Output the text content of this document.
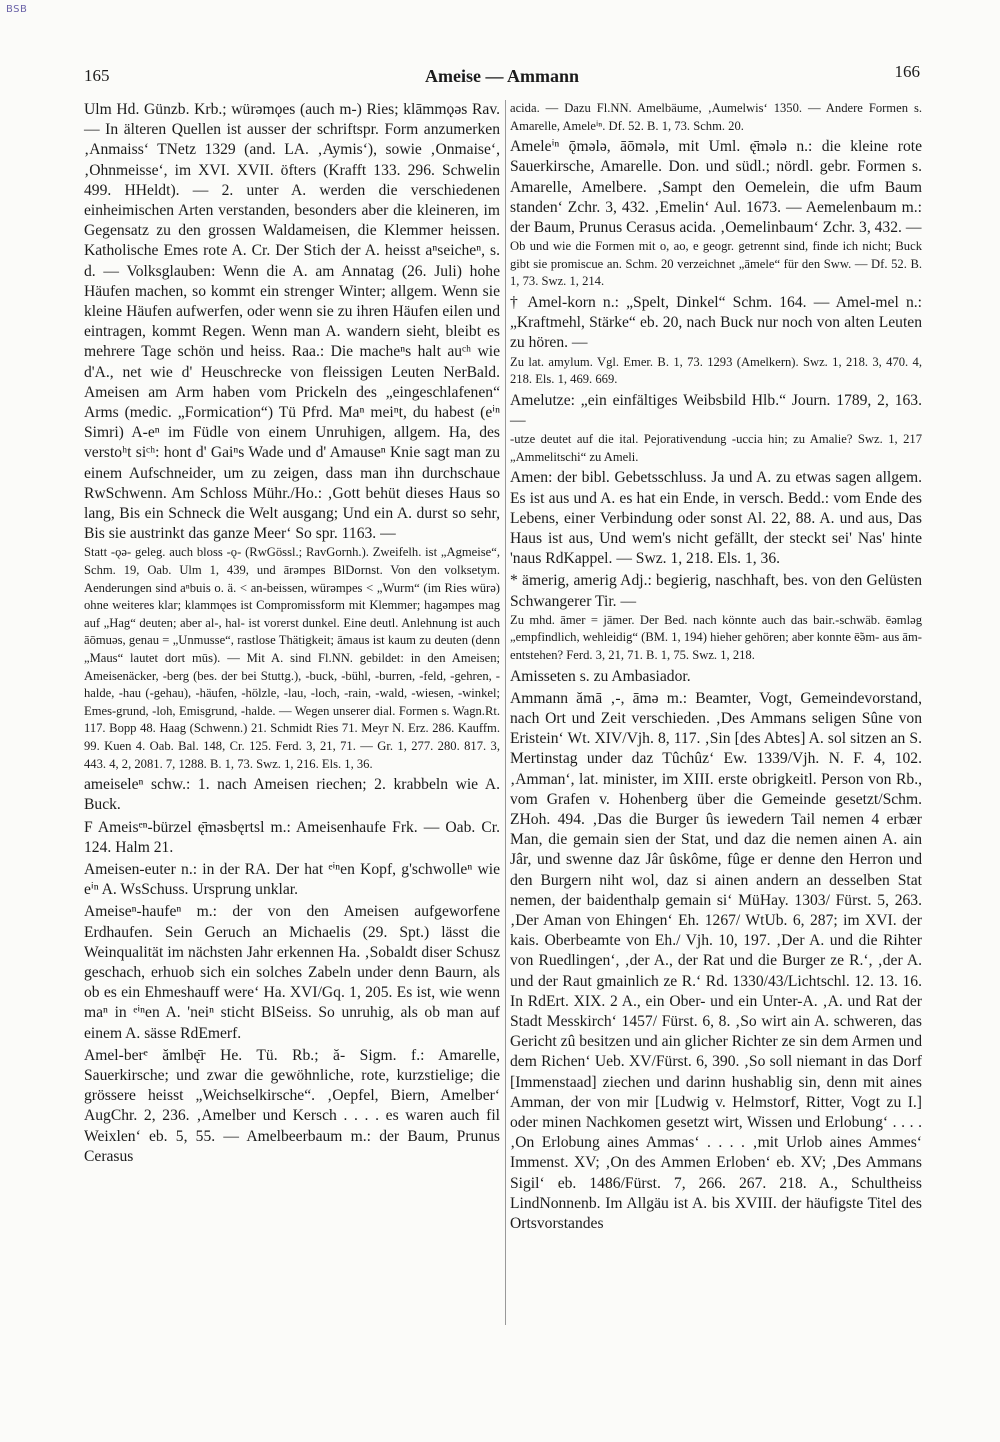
BSB
165	Ameise — Ammann	166

Ulm Hd. Günzb. Krb.; würəmǫes (auch m-) Ries; klāmmǫəs Rav. — In älteren Quellen ist ausser der schriftspr. Form anzumerken ‚Anmaiss‘ TNetz 1329 (and. LA. ‚Aymis‘), sowie ‚Onmaise‘, ‚Ohnmeisse‘, im XVI. XVII. öfters (Krafft 133. 296. Schwelin 499. HHeldt). — 2. unter A. werden die verschiedenen einheimischen Arten verstanden, besonders aber die kleineren, im Gegensatz zu den grossen Waldameisen, die Klemmer heissen. Katholische Emes rote A. Cr. Der Stich der A. heisst aⁿseicheⁿ, s. d. — Volksglauben: Wenn die A. am Annatag (26. Juli) hohe Häufen machen, so kommt ein strenger Winter; allgem. Wenn sie kleine Häufen aufwerfen, oder wenn sie zu ihren Häufen eilen und eintragen, kommt Regen. Wenn man A. wandern sieht, bleibt es mehrere Tage schön und heiss. Raa.: Die macheⁿs halt auᶜʰ wie d'A., net wie d' Heuschrecke von fleissigen Leuten NerBald. Ameisen am Arm haben vom Prickeln des „eingeschlafenen“ Arms (medic. „Formication“) Tü Pfrd. Maⁿ meiⁿt, du habest (eⁱⁿ Simri) A-eⁿ im Füdle von einem Unruhigen, allgem. Ha, des verstoʰt siᶜʰ: hont d' Gaiⁿs Wade und d' Amauseⁿ Knie sagt man zu einem Aufschneider, um zu zeigen, dass man ihn durchschaue RwSchwenn. Am Schloss Mühr./Ho.: ‚Gott behüt dieses Haus so lang, Bis ein Schneck die Welt ausgang; Und ein A. durst so sehr, Bis sie austrinkt das ganze Meer‘ So spr. 1163. —

Statt -ǫə- geleg. auch bloss -ǫ- (RwGössl.; RavGornh.). Zweifelh. ist „Agmeise“, Schm. 19, Oab. Ulm 1, 439, und ārəmpes BlDornst. Von den volksetym. Aenderungen sind aⁿbuis o. ä. < an-beissen, würəmpes < „Wurm“ (im Ries würə) ohne weiteres klar; klammǫes ist Compromissform mit Klemmer; hagəmpes mag auf „Hag“ deuten; aber al-, hal- ist vorerst dunkel. Eine deutl. Anlehnung ist auch āōmuəs, genau = „Unmusse“, rastlose Thätigkeit; āmaus ist kaum zu deuten (denn „Maus“ lautet dort mūs). — Mit A. sind Fl.NN. gebildet: in den Ameisen; Ameisenäcker, -berg (bes. der bei Stuttg.), -buck, -bühl, -burren, -feld, -gehren, -halde, -hau (-gehau), -häufen, -hölzle, -lau, -loch, -rain, -wald, -wiesen, -winkel; Emes-grund, -loh, Emisgrund, -halde. — Wegen unserer dial. Formen s. Wagn.Rt. 117. Bopp 48. Haag (Schwenn.) 21. Schmidt Ries 71. Meyr N. Erz. 286. Kauffm. 99. Kuen 4. Oab. Bal. 148, Cr. 125. Ferd. 3, 21, 71. — Gr. 1, 277. 280. 817. 3, 443. 4, 2, 2081. 7, 1288. B. 1, 73. Swz. 1, 216. Els. 1, 36.

ameiseleⁿ schw.: 1. nach Ameisen riechen; 2. krabbeln wie A. Buck.

F Ameisᵉⁿ-bürzel ę̄məsbęrtsl m.: Ameisenhaufe Frk. — Oab. Cr. 124. Halm 21.

Ameisen-euter n.: in der RA. Der hat ᵉⁱⁿen Kopf, g'schwolleⁿ wie eⁱⁿ A. WsSchuss. Ursprung unklar.

Ameiseⁿ-haufeⁿ m.: der von den Ameisen aufgeworfene Erdhaufen. Sein Geruch an Michaelis (29. Spt.) lässt die Weinqualität im nächsten Jahr erkennen Ha. ‚Sobaldt diser Schusz geschach, erhuob sich ein solches Zabeln under denn Baurn, als ob es ein Ehmeshauff were‘ Ha. XVI/Gq. 1, 205. Es ist, wie wenn maⁿ in ᵉⁱⁿen A. 'neiⁿ sticht BlSeiss. So unruhig, als ob man auf einem A. sässe RdEmerf.

Amel-berᵉ ămlbę̄r He. Tü. Rb.; ă- Sigm. f.: Amarelle, Sauerkirsche; und zwar die gewöhnliche, rote, kurzstielige; die grössere heisst „Weichselkirsche“. ‚Oepfel, Biern, Amelber‘ AugChr. 2, 236. ‚Amelber und Kersch . . . . es waren auch fil Weixlen‘ eb. 5, 55. — Amelbeerbaum m.: der Baum, Prunus Cerasus

acida. — Dazu Fl.NN. Amelbäume, ‚Aumelwis‘ 1350. — Andere Formen s. Amarelle, Ameleⁱⁿ. Df. 52. B. 1, 73. Schm. 20.

Ameleⁱⁿ ǭmələ, āōmələ, mit Uml. ę̄mələ n.: die kleine rote Sauerkirsche, Amarelle. Don. und südl.; nördl. gebr. Formen s. Amarelle, Amelbere. ‚Sampt den Oemelein, die ufm Baum standen‘ Zchr. 3, 432. ‚Emelin‘ Aul. 1673. — Aemelenbaum m.: der Baum, Prunus Cerasus acida. ‚Oemelinbaum‘ Zchr. 3, 432. —

Ob und wie die Formen mit o, ao, e geogr. getrennt sind, finde ich nicht; Buck gibt sie promiscue an. Schm. 20 verzeichnet „āmele“ für den Sww. — Df. 52. B. 1, 73. Swz. 1, 214.

† Amel-korn n.: „Spelt, Dinkel“ Schm. 164. — Amel-mel n.: „Kraftmehl, Stärke“ eb. 20, nach Buck nur noch von alten Leuten zu hören. —

Zu lat. amylum. Vgl. Emer. B. 1, 73. 1293 (Amelkern). Swz. 1, 218. 3, 470. 4, 218. Els. 1, 469. 669.

Amelutze: „ein einfältiges Weibsbild Hlb.“ Journ. 1789, 2, 163. —

-utze deutet auf die ital. Pejorativendung -uccia hin; zu Amalie? Swz. 1, 217 „Ammelitschi“ zu Ameli.

Amen: der bibl. Gebetsschluss. Ja und A. zu etwas sagen allgem. Es ist aus und A. es hat ein Ende, in versch. Bedd.: vom Ende des Lebens, einer Verbindung oder sonst Al. 22, 88. A. und aus, Das Haus ist aus, Und wem's nicht gefällt, der steckt sei' Nas' hinte 'naus RdKappel. — Swz. 1, 218. Els. 1, 36.

* ämerig, amerig Adj.: begierig, naschhaft, bes. von den Gelüsten Schwangerer Tir. —

Zu mhd. āmer = jāmer. Der Bed. nach könnte auch das bair.-schwäb. ēəmləg „empfindlich, wehleidig“ (BM. 1, 194) hieher gehören; aber konnte ē̃əm- aus ām- entstehen? Ferd. 3, 21, 71. B. 1, 75. Swz. 1, 218.

Amisseten s. zu Ambasiador.

Ammann ămā ‚-, āmə m.: Beamter, Vogt, Gemeindevorstand, nach Ort und Zeit verschieden. ‚Des Ammans seligen Sûne von Eristein‘ Wt. XIV/Vjh. 8, 117. ‚Sin [des Abtes] A. sol sitzen an S. Mertinstag under daz Tûchûz‘ Ew. 1339/Vjh. N. F. 4, 102. ‚Amman‘, lat. minister, im XIII. erste obrigkeitl. Person von Rb., vom Grafen v. Hohenberg über die Gemeinde gesetzt/Schm. ZHoh. 494. ‚Das die Burger ûs iewedern Tail nemen 4 erbær Man, die gemain sien der Stat, und daz die nemen ainen A. ain Jâr, und swenne daz Jâr ûskôme, fûge er denne den Herron und den Burgern niht wol, daz si ainen andern an desselben Stat nemen, der baidenthalp gemain si‘ MüHay. 1303/ Fürst. 5, 263. ‚Der Aman von Ehingen‘ Eh. 1267/ WtUb. 6, 287; im XVI. der kais. Oberbeamte von Eh./ Vjh. 10, 197. ‚Der A. und die Rihter von Ruedlingen‘, ‚der A., der Rat und die Burger ze R.‘, ‚der A. und der Raut gmainlich ze R.‘ Rd. 1330/43/Lichtschl. 12. 13. 16. In RdErt. XIX. 2 A., ein Ober- und ein Unter-A. ‚A. und Rat der Stadt Messkirch‘ 1457/ Fürst. 6, 8. ‚So wirt ain A. schweren, das Gericht zû besitzen und ain glicher Richter ze sin dem Armen und dem Richen‘ Ueb. XV/Fürst. 6, 390. ‚So soll niemant in das Dorf [Immenstaad] ziechen und darinn hushablig sin, denn mit aines Amman, der von mir [Ludwig v. Helmstorf, Ritter, Vogt zu I.] oder minen Nachkomen gesetzt wirt, Wissen und Erlobung‘ . . . . ‚On Erlobung aines Ammas‘ . . . . ‚mit Urlob aines Ammes‘ Immenst. XV; ‚On des Ammen Erloben‘ eb. XV; ‚Des Ammans Sigil‘ eb. 1486/Fürst. 7, 266. 267. 218. A., Schultheiss LindNonnenb. Im Allgäu ist A. bis XVIII. der häufigste Titel des Ortsvorstandes
